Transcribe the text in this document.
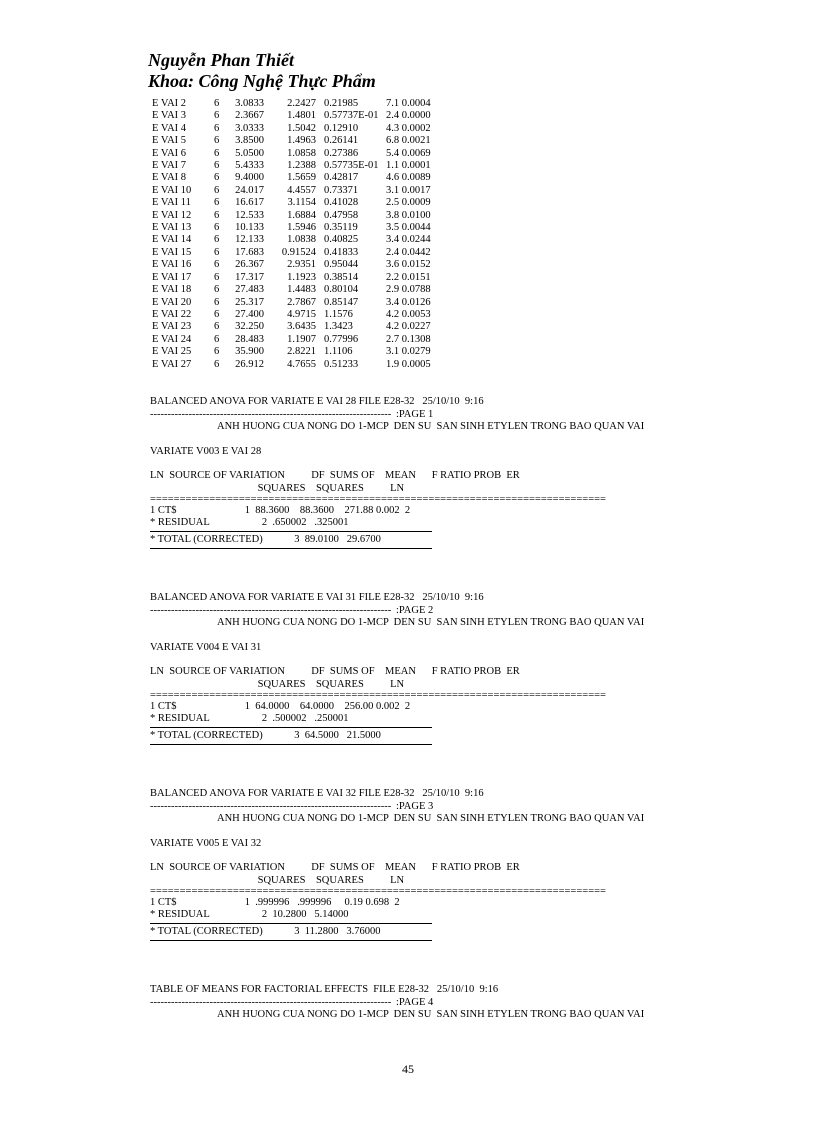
Nguyễn Phan Thiết
Khoa: Công Nghệ Thực Phẩm
E VAI 2	6	3.0833	2.2427	0.21985	7.1 0.0004
E VAI 3	6	2.3667	1.4801	0.57737E-01	2.4 0.0000
E VAI 4	6	3.0333	1.5042	0.12910	4.3 0.0002
E VAI 5	6	3.8500	1.4963	0.26141	6.8 0.0021
E VAI 6	6	5.0500	1.0858	0.27386	5.4 0.0069
E VAI 7	6	5.4333	1.2388	0.57735E-01	1.1 0.0001
E VAI 8	6	9.4000	1.5659	0.42817	4.6 0.0089
E VAI 10	6	24.017	4.4557	0.73371	3.1 0.0017
E VAI 11	6	16.617	3.1154	0.41028	2.5 0.0009
E VAI 12	6	12.533	1.6884	0.47958	3.8 0.0100
E VAI 13	6	10.133	1.5946	0.35119	3.5 0.0044
E VAI 14	6	12.133	1.0838	0.40825	3.4 0.0244
E VAI 15	6	17.683	0.91524	0.41833	2.4 0.0442
E VAI 16	6	26.367	2.9351	0.95044	3.6 0.0152
E VAI 17	6	17.317	1.1923	0.38514	2.2 0.0151
E VAI 18	6	27.483	1.4483	0.80104	2.9 0.0788
E VAI 20	6	25.317	2.7867	0.85147	3.4 0.0126
E VAI 22	6	27.400	4.9715	1.1576	4.2 0.0053
E VAI 23	6	32.250	3.6435	1.3423	4.2 0.0227
E VAI 24	6	28.483	1.1907	0.77996	2.7 0.1308
E VAI 25	6	35.900	2.8221	1.1106	3.1 0.0279
E VAI 27	6	26.912	4.7655	0.51233	1.9 0.0005
BALANCED ANOVA FOR VARIATE E VAI 28 FILE E28-32   25/10/10  9:16
--------------------------------------------------------------------- :PAGE 1
ANH HUONG CUA NONG DO 1-MCP  DEN SU  SAN SINH ETYLEN TRONG BAO QUAN VAI
VARIATE V003 E VAI 28
LN  SOURCE OF VARIATION          DF  SUMS OF    MEAN      F RATIO PROB  ER
SQUARES    SQUARES          LN
=============================================================================
1 CT$                          1  88.3600    88.3600    271.88 0.002  2
* RESIDUAL                    2  .650002   .325001
* TOTAL (CORRECTED)            3  89.0100   29.6700
BALANCED ANOVA FOR VARIATE E VAI 31 FILE E28-32   25/10/10  9:16
--------------------------------------------------------------------- :PAGE 2
ANH HUONG CUA NONG DO 1-MCP  DEN SU  SAN SINH ETYLEN TRONG BAO QUAN VAI
VARIATE V004 E VAI 31
LN  SOURCE OF VARIATION          DF  SUMS OF    MEAN      F RATIO PROB  ER
SQUARES    SQUARES          LN
=============================================================================
1 CT$                          1  64.0000    64.0000    256.00 0.002  2
* RESIDUAL                    2  .500002   .250001
* TOTAL (CORRECTED)            3  64.5000   21.5000
BALANCED ANOVA FOR VARIATE E VAI 32 FILE E28-32   25/10/10  9:16
--------------------------------------------------------------------- :PAGE 3
ANH HUONG CUA NONG DO 1-MCP  DEN SU  SAN SINH ETYLEN TRONG BAO QUAN VAI
VARIATE V005 E VAI 32
LN  SOURCE OF VARIATION          DF  SUMS OF    MEAN      F RATIO PROB  ER
SQUARES    SQUARES          LN
=============================================================================
1 CT$                          1  .999996   .999996     0.19 0.698  2
* RESIDUAL                    2  10.2800   5.14000
* TOTAL (CORRECTED)            3  11.2800   3.76000
TABLE OF MEANS FOR FACTORIAL EFFECTS  FILE E28-32   25/10/10  9:16
--------------------------------------------------------------------- :PAGE 4
ANH HUONG CUA NONG DO 1-MCP  DEN SU  SAN SINH ETYLEN TRONG BAO QUAN VAI
45
